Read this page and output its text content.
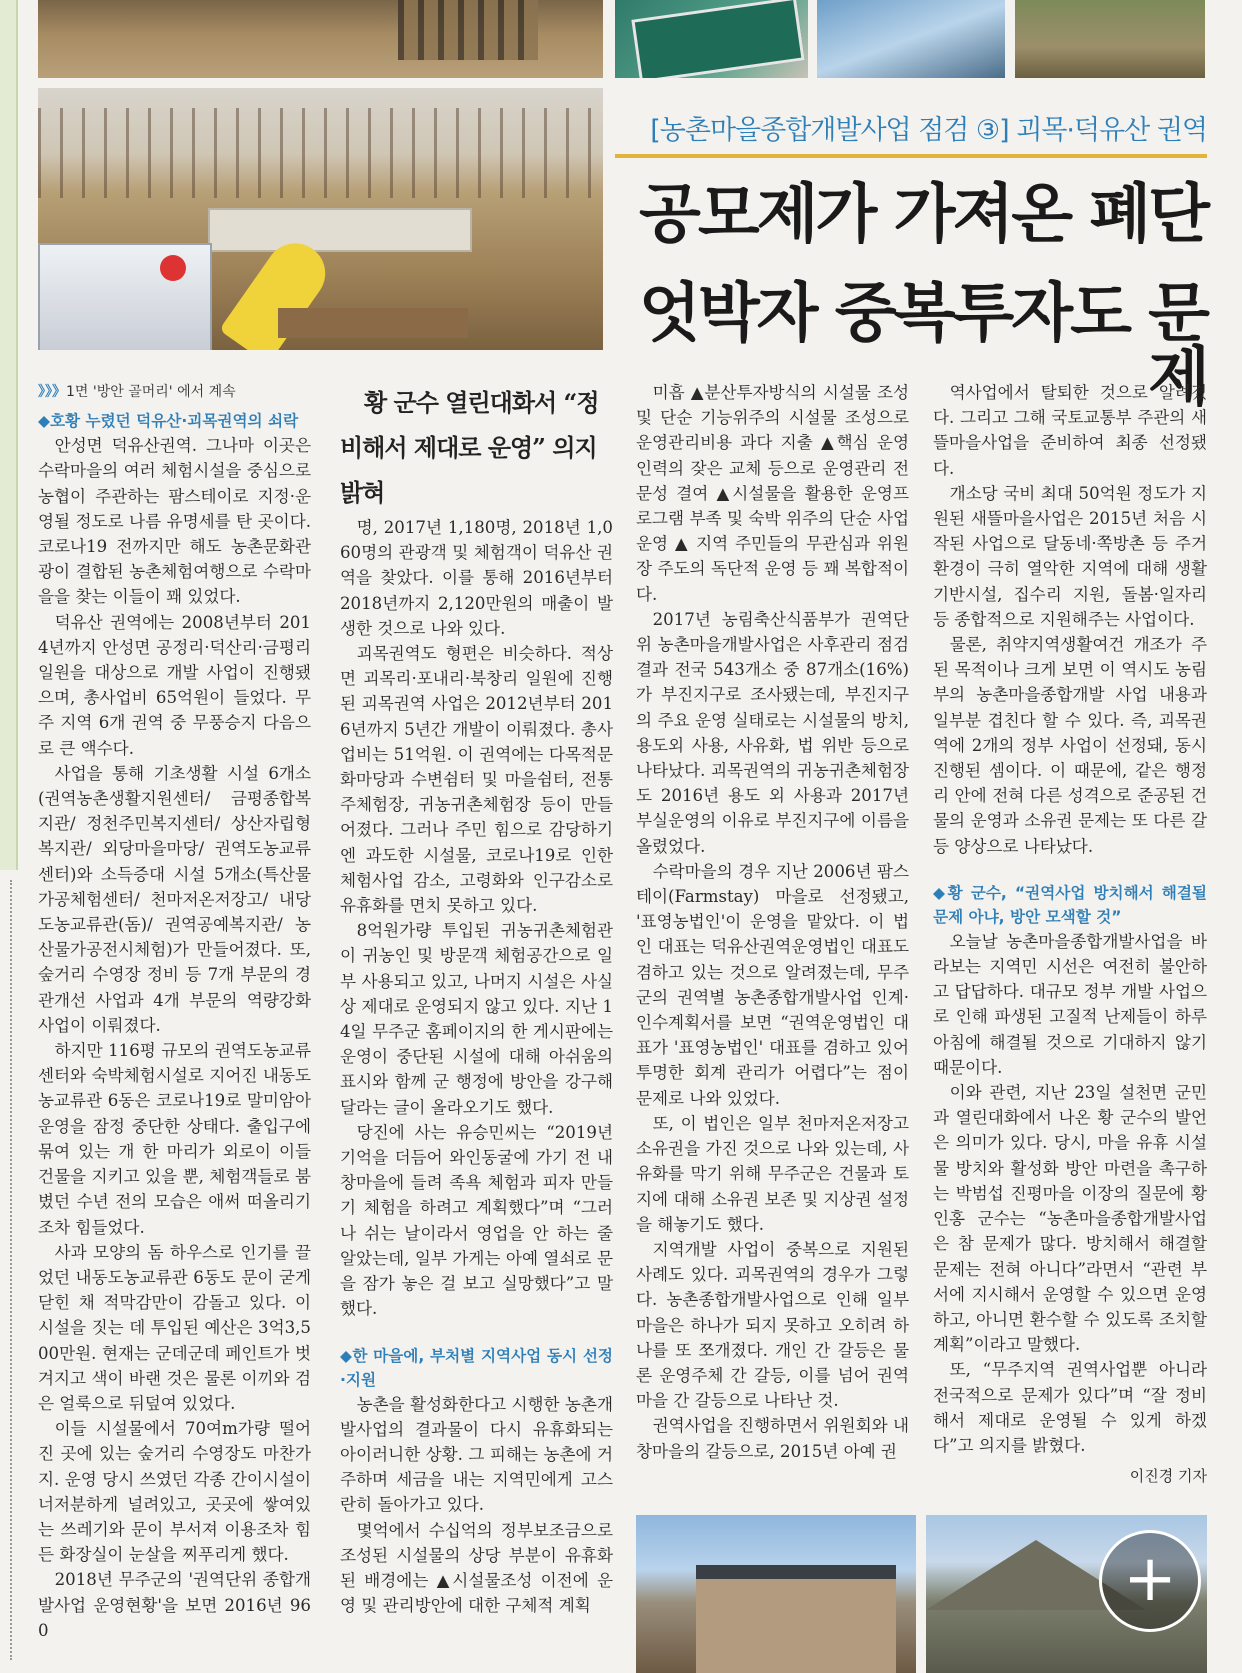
[농촌마을종합개발사업 점검 ③] 괴목·덕유산 권역
공모제가 가져온 폐단
엇박자 중복투자도 문제
》》》1면 '방안 골머리' 에서 계속

◆호황 누렸던 덕유산·괴목권역의 쇠락

안성면 덕유산권역. 그나마 이곳은 수락마을의 여러 체험시설을 중심으로 농협이 주관하는 팜스테이로 지정·운영될 정도로 나름 유명세를 탄 곳이다. 코로나19 전까지만 해도 농촌문화관광이 결합된 농촌체험여행으로 수락마을을 찾는 이들이 꽤 있었다.

덕유산 권역에는 2008년부터 2014년까지 안성면 공정리·덕산리·금평리 일원을 대상으로 개발 사업이 진행됐으며, 총사업비 65억원이 들었다. 무주 지역 6개 권역 중 무풍승지 다음으로 큰 액수다.

사업을 통해 기초생활 시설 6개소(권역농촌생활지원센터/ 금평종합복지관/ 정천주민복지센터/ 상산자립형복지관/ 외당마을마당/ 권역도농교류센터)와 소득증대 시설 5개소(특산물가공체험센터/ 천마저온저장고/ 내당도농교류관(돔)/ 권역공예복지관/ 농산물가공전시체험)가 만들어졌다. 또, 숲거리 수영장 정비 등 7개 부문의 경관개선 사업과 4개 부문의 역량강화 사업이 이뤄졌다.

하지만 116평 규모의 권역도농교류센터와 숙박체험시설로 지어진 내동도농교류관 6동은 코로나19로 말미암아 운영을 잠정 중단한 상태다. 출입구에 묶여 있는 개 한 마리가 외로이 이들 건물을 지키고 있을 뿐, 체험객들로 붐볐던 수년 전의 모습은 애써 떠올리기조차 힘들었다.

사과 모양의 돔 하우스로 인기를 끌었던 내동도농교류관 6동도 문이 굳게 닫힌 채 적막감만이 감돌고 있다. 이 시설을 짓는 데 투입된 예산은 3억3,500만원. 현재는 군데군데 페인트가 벗겨지고 색이 바랜 것은 물론 이끼와 검은 얼룩으로 뒤덮여 있었다.

이들 시설물에서 70여m가량 떨어진 곳에 있는 숲거리 수영장도 마찬가지. 운영 당시 쓰였던 각종 간이시설이 너저분하게 널려있고, 곳곳에 쌓여있는 쓰레기와 문이 부서져 이용조차 힘든 화장실이 눈살을 찌푸리게 했다.

2018년 무주군의 '권역단위 종합개발사업 운영현황'을 보면 2016년 960

황 군수 열린대화서 “정비해서 제대로 운영” 의지 밝혀

명, 2017년 1,180명, 2018년 1,060명의 관광객 및 체험객이 덕유산 권역을 찾았다. 이를 통해 2016년부터 2018년까지 2,120만원의 매출이 발생한 것으로 나와 있다.

괴목권역도 형편은 비슷하다. 적상면 괴목리·포내리·북창리 일원에 진행된 괴목권역 사업은 2012년부터 2016년까지 5년간 개발이 이뤄졌다. 총사업비는 51억원. 이 권역에는 다목적문화마당과 수변쉼터 및 마을쉼터, 전통주체험장, 귀농귀촌체험장 등이 만들어졌다. 그러나 주민 힘으로 감당하기엔 과도한 시설물, 코로나19로 인한 체험사업 감소, 고령화와 인구감소로 유휴화를 면치 못하고 있다.

8억원가량 투입된 귀농귀촌체험관이 귀농인 및 방문객 체험공간으로 일부 사용되고 있고, 나머지 시설은 사실상 제대로 운영되지 않고 있다. 지난 14일 무주군 홈페이지의 한 게시판에는 운영이 중단된 시설에 대해 아쉬움의 표시와 함께 군 행정에 방안을 강구해 달라는 글이 올라오기도 했다.

당진에 사는 유승민씨는 “2019년 기억을 더듬어 와인동굴에 가기 전 내창마을에 들려 족욕 체험과 피자 만들기 체험을 하려고 계획했다”며 “그러나 쉬는 날이라서 영업을 안 하는 줄 알았는데, 일부 가게는 아예 열쇠로 문을 잠가 놓은 걸 보고 실망했다”고 말했다.

◆한 마을에, 부처별 지역사업 동시 선정·지원

농촌을 활성화한다고 시행한 농촌개발사업의 결과물이 다시 유휴화되는 아이러니한 상황. 그 피해는 농촌에 거주하며 세금을 내는 지역민에게 고스란히 돌아가고 있다.

몇억에서 수십억의 정부보조금으로 조성된 시설물의 상당 부분이 유휴화된 배경에는 ▲시설물조성 이전에 운영 및 관리방안에 대한 구체적 계획

미흡 ▲분산투자방식의 시설물 조성 및 단순 기능위주의 시설물 조성으로 운영관리비용 과다 지출 ▲핵심 운영인력의 잦은 교체 등으로 운영관리 전문성 결여 ▲시설물을 활용한 운영프로그램 부족 및 숙박 위주의 단순 사업 운영 ▲ 지역 주민들의 무관심과 위원장 주도의 독단적 운영 등 꽤 복합적이다.

2017년 농림축산식품부가 권역단위 농촌마을개발사업은 사후관리 점검결과 전국 543개소 중 87개소(16%)가 부진지구로 조사됐는데, 부진지구의 주요 운영 실태로는 시설물의 방치, 용도외 사용, 사유화, 법 위반 등으로 나타났다. 괴목권역의 귀농귀촌체험장도 2016년 용도 외 사용과 2017년 부실운영의 이유로 부진지구에 이름을 올렸었다.

수락마을의 경우 지난 2006년 팜스테이(Farmstay) 마을로 선정됐고, '표영농법인'이 운영을 맡았다. 이 법인 대표는 덕유산권역운영법인 대표도 겸하고 있는 것으로 알려졌는데, 무주군의 권역별 농촌종합개발사업 인계·인수계획서를 보면 “권역운영법인 대표가 '표영농법인' 대표를 겸하고 있어 투명한 회계 관리가 어렵다”는 점이 문제로 나와 있었다.

또, 이 법인은 일부 천마저온저장고 소유권을 가진 것으로 나와 있는데, 사유화를 막기 위해 무주군은 건물과 토지에 대해 소유권 보존 및 지상권 설정을 해놓기도 했다.

지역개발 사업이 중복으로 지원된 사례도 있다. 괴목권역의 경우가 그렇다. 농촌종합개발사업으로 인해 일부 마을은 하나가 되지 못하고 오히려 하나를 또 쪼개졌다. 개인 간 갈등은 물론 운영주체 간 갈등, 이를 넘어 권역마을 간 갈등으로 나타난 것.

권역사업을 진행하면서 위원회와 내창마을의 갈등으로, 2015년 아예 권

역사업에서 탈퇴한 것으로 알려졌다. 그리고 그해 국토교통부 주관의 새뜰마을사업을 준비하여 최종 선정됐다.

개소당 국비 최대 50억원 정도가 지원된 새뜰마을사업은 2015년 처음 시작된 사업으로 달동네·쪽방촌 등 주거환경이 극히 열악한 지역에 대해 생활기반시설, 집수리 지원, 돌봄·일자리 등 종합적으로 지원해주는 사업이다.

물론, 취약지역생활여건 개조가 주된 목적이나 크게 보면 이 역시도 농림부의 농촌마을종합개발 사업 내용과 일부분 겹친다 할 수 있다. 즉, 괴목권역에 2개의 정부 사업이 선정돼, 동시 진행된 셈이다. 이 때문에, 같은 행정리 안에 전혀 다른 성격으로 준공된 건물의 운영과 소유권 문제는 또 다른 갈등 양상으로 나타났다.

◆황 군수, “권역사업 방치해서 해결될 문제 아냐, 방안 모색할 것”

오늘날 농촌마을종합개발사업을 바라보는 지역민 시선은 여전히 불안하고 답답하다. 대규모 정부 개발 사업으로 인해 파생된 고질적 난제들이 하루아침에 해결될 것으로 기대하지 않기 때문이다.

이와 관련, 지난 23일 설천면 군민과 열린대화에서 나온 황 군수의 발언은 의미가 있다. 당시, 마을 유휴 시설물 방치와 활성화 방안 마련을 촉구하는 박범섭 진평마을 이장의 질문에 황인홍 군수는 “농촌마을종합개발사업은 참 문제가 많다. 방치해서 해결할 문제는 전혀 아니다”라면서 “관련 부서에 지시해서 운영할 수 있으면 운영하고, 아니면 환수할 수 있도록 조치할 계획”이라고 말했다.

또, “무주지역 권역사업뿐 아니라 전국적으로 문제가 있다”며 “잘 정비해서 제대로 운영될 수 있게 하겠다”고 의지를 밝혔다.

이진경 기자
+
